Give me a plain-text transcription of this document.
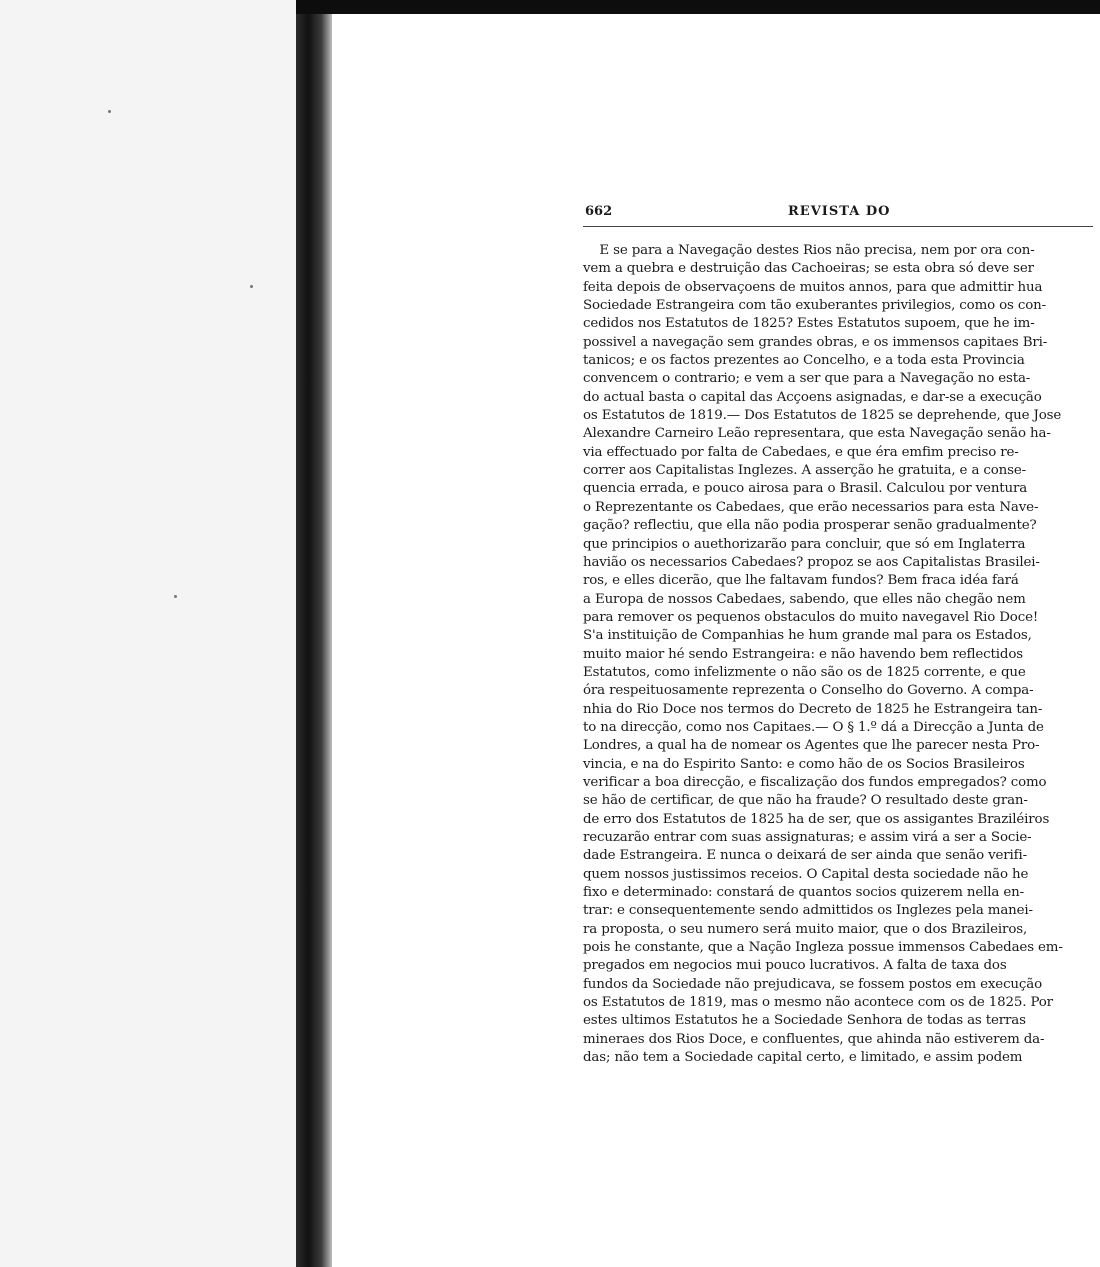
662	REVISTA DO
E se para a Navegação destes Rios não precisa, nem por ora con-
vem a quebra e destruição das Cachoeiras; se esta obra só deve ser
feita depois de observaçoens de muitos annos, para que admittir hua
Sociedade Estrangeira com tão exuberantes privilegios, como os con-
cedidos nos Estatutos de 1825? Estes Estatutos supoem, que he im-
possivel a navegação sem grandes obras, e os immensos capitaes Bri-
tanicos; e os factos prezentes ao Concelho, e a toda esta Provincia
convencem o contrario; e vem a ser que para a Navegação no esta-
do actual basta o capital das Acçoens asignadas, e dar-se a execução
os Estatutos de 1819.— Dos Estatutos de 1825 se deprehende, que Jose
Alexandre Carneiro Leão representara, que esta Navegação senão ha-
via effectuado por falta de Cabedaes, e que éra emfim preciso re-
correr aos Capitalistas Inglezes. A asserção he gratuita, e a conse-
quencia errada, e pouco airosa para o Brasil. Calculou por ventura
o Reprezentante os Cabedaes, que erão necessarios para esta Nave-
gação? reflectiu, que ella não podia prosperar senão gradualmente?
que principios o auethorizarão para concluir, que só em Inglaterra
havião os necessarios Cabedaes? propoz se aos Capitalistas Brasilei-
ros, e elles dicerão, que lhe faltavam fundos? Bem fraca idéa fará
a Europa de nossos Cabedaes, sabendo, que elles não chegão nem
para remover os pequenos obstaculos do muito navegavel Rio Doce!
S'a instituição de Companhias he hum grande mal para os Estados,
muito maior hé sendo Estrangeira: e não havendo bem reflectidos
Estatutos, como infelizmente o não são os de 1825 corrente, e que
óra respeituosamente reprezenta o Conselho do Governo. A compa-
nhia do Rio Doce nos termos do Decreto de 1825 he Estrangeira tan-
to na direcção, como nos Capitaes.— O § 1.º dá a Direcção a Junta de
Londres, a qual ha de nomear os Agentes que lhe parecer nesta Pro-
vincia, e na do Espirito Santo: e como hão de os Socios Brasileiros
verificar a boa direcção, e fiscalização dos fundos empregados? como
se hão de certificar, de que não ha fraude? O resultado deste gran-
de erro dos Estatutos de 1825 ha de ser, que os assigantes Braziléiros
recuzarão entrar com suas assignaturas; e assim virá a ser a Socie-
dade Estrangeira. E nunca o deixará de ser ainda que senão verifi-
quem nossos justissimos receios. O Capital desta sociedade não he
fixo e determinado: constará de quantos socios quizerem nella en-
trar: e consequentemente sendo admittidos os Inglezes pela manei-
ra proposta, o seu numero será muito maior, que o dos Brazileiros,
pois he constante, que a Nação Ingleza possue immensos Cabedaes em-
pregados em negocios mui pouco lucrativos. A falta de taxa dos
fundos da Sociedade não prejudicava, se fossem postos em execução
os Estatutos de 1819, mas o mesmo não acontece com os de 1825. Por
estes ultimos Estatutos he a Sociedade Senhora de todas as terras
mineraes dos Rios Doce, e confluentes, que ahinda não estiverem da-
das; não tem a Sociedade capital certo, e limitado, e assim podem
